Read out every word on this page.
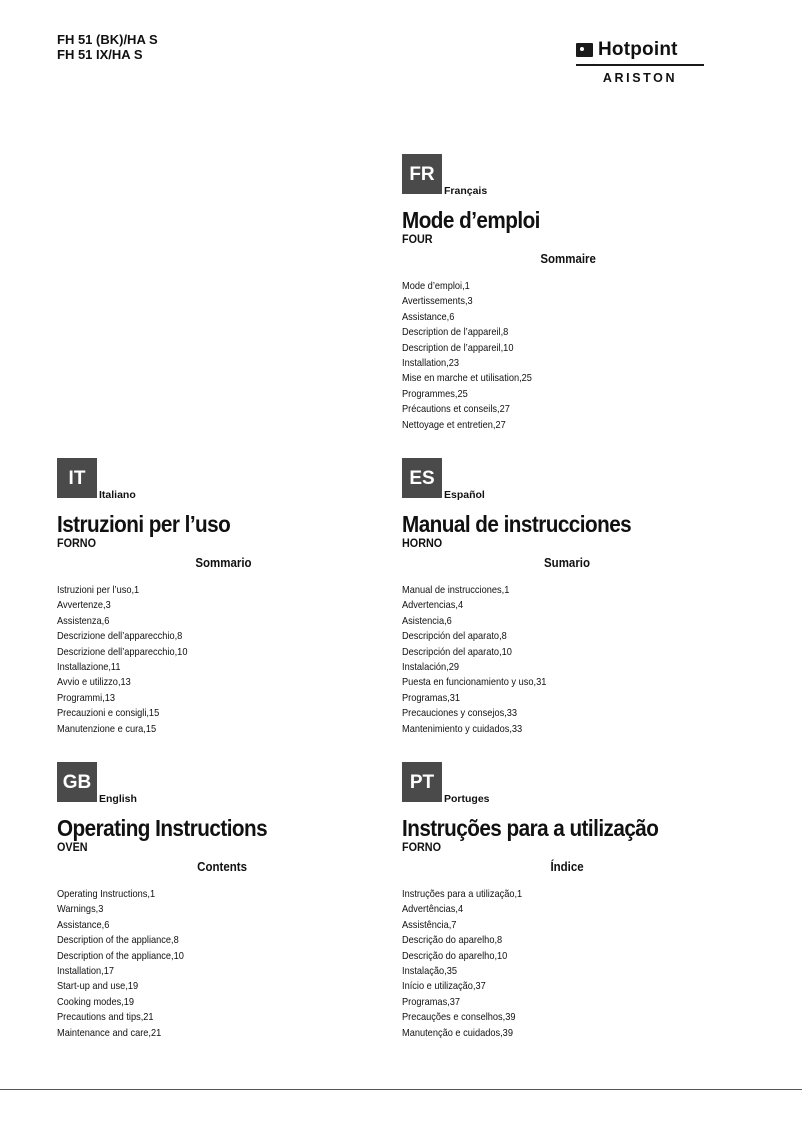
FH 51 (BK)/HA S
FH 51 IX/HA S	Hotpoint
ARISTON
FR
Français
Mode d’emploi
FOUR
Sommaire
Mode d’emploi,1
Avertissements,3
Assistance,6
Description de l’appareil,8
Description de l’appareil,10
Installation,23
Mise en marche et utilisation,25
Programmes,25
Précautions et conseils,27
Nettoyage et entretien,27
IT
Italiano
Istruzioni per l’uso
FORNO
Sommario
Istruzioni per l’uso,1
Avvertenze,3
Assistenza,6
Descrizione dell’apparecchio,8
Descrizione dell’apparecchio,10
Installazione,11
Avvio e utilizzo,13
Programmi,13
Precauzioni e consigli,15
Manutenzione e cura,15
ES
Español
Manual de instrucciones
HORNO
Sumario
Manual de instrucciones,1
Advertencias,4
Asistencia,6
Descripción del aparato,8
Descripción del aparato,10
Instalación,29
Puesta en funcionamiento y uso,31
Programas,31
Precauciones y consejos,33
Mantenimiento y cuidados,33
GB
English
Operating Instructions
OVEN
Contents
Operating Instructions,1
Warnings,3
Assistance,6
Description of the appliance,8
Description of the appliance,10
Installation,17
Start-up and use,19
Cooking modes,19
Precautions and tips,21
Maintenance and care,21
PT
Portuges
Instruções para a utilização
FORNO
Índice
Instruções para a utilização,1
Advertências,4
Assistência,7
Descrição do aparelho,8
Descrição do aparelho,10
Instalação,35
Início e utilização,37
Programas,37
Precauções e conselhos,39
Manutenção e cuidados,39
